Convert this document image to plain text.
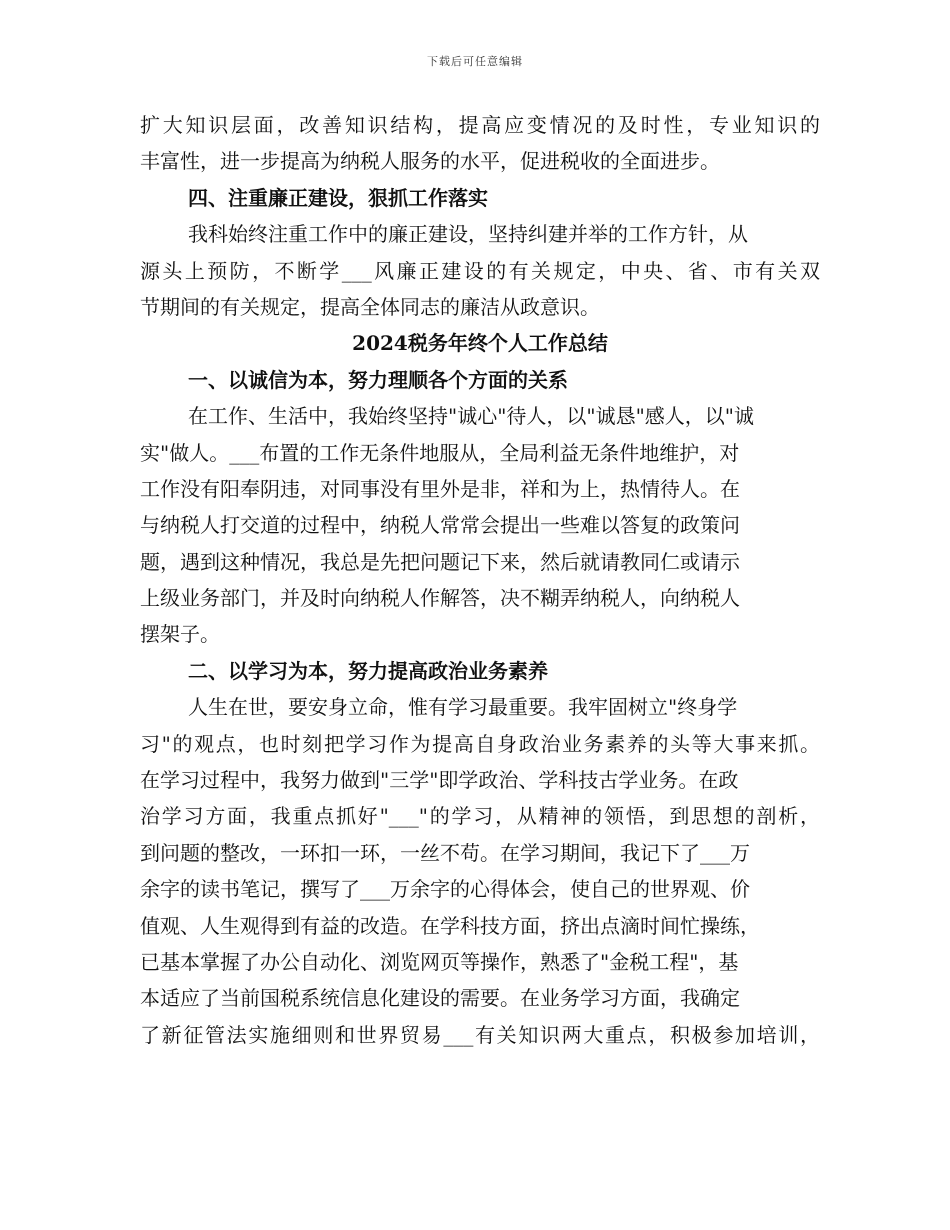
下载后可任意编辑
扩大知识层面，改善知识结构，提高应变情况的及时性，专业知识的
丰富性，进一步提高为纳税人服务的水平，促进税收的全面进步。
四、注重廉正建设，狠抓工作落实
我科始终注重工作中的廉正建设，坚持纠建并举的工作方针，从
源头上预防，不断学___风廉正建设的有关规定，中央、省、市有关双
节期间的有关规定，提高全体同志的廉洁从政意识。
2024税务年终个人工作总结
一、以诚信为本，努力理顺各个方面的关系
在工作、生活中，我始终坚持"诚心"待人，以"诚恳"感人，以"诚
实"做人。___布置的工作无条件地服从，全局利益无条件地维护，对
工作没有阳奉阴违，对同事没有里外是非，祥和为上，热情待人。在
与纳税人打交道的过程中，纳税人常常会提出一些难以答复的政策问
题，遇到这种情况，我总是先把问题记下来，然后就请教同仁或请示
上级业务部门，并及时向纳税人作解答，决不糊弄纳税人，向纳税人
摆架子。
二、以学习为本，努力提高政治业务素养
人生在世，要安身立命，惟有学习最重要。我牢固树立"终身学
习"的观点，也时刻把学习作为提高自身政治业务素养的头等大事来抓。
在学习过程中，我努力做到"三学"即学政治、学科技古学业务。在政
治学习方面，我重点抓好"___"的学习，从精神的领悟，到思想的剖析，
到问题的整改，一环扣一环，一丝不苟。在学习期间，我记下了___万
余字的读书笔记，撰写了___万余字的心得体会，使自己的世界观、价
值观、人生观得到有益的改造。在学科技方面，挤出点滴时间忙操练，
已基本掌握了办公自动化、浏览网页等操作，熟悉了"金税工程"，基
本适应了当前国税系统信息化建设的需要。在业务学习方面，我确定
了新征管法实施细则和世界贸易___有关知识两大重点，积极参加培训，
